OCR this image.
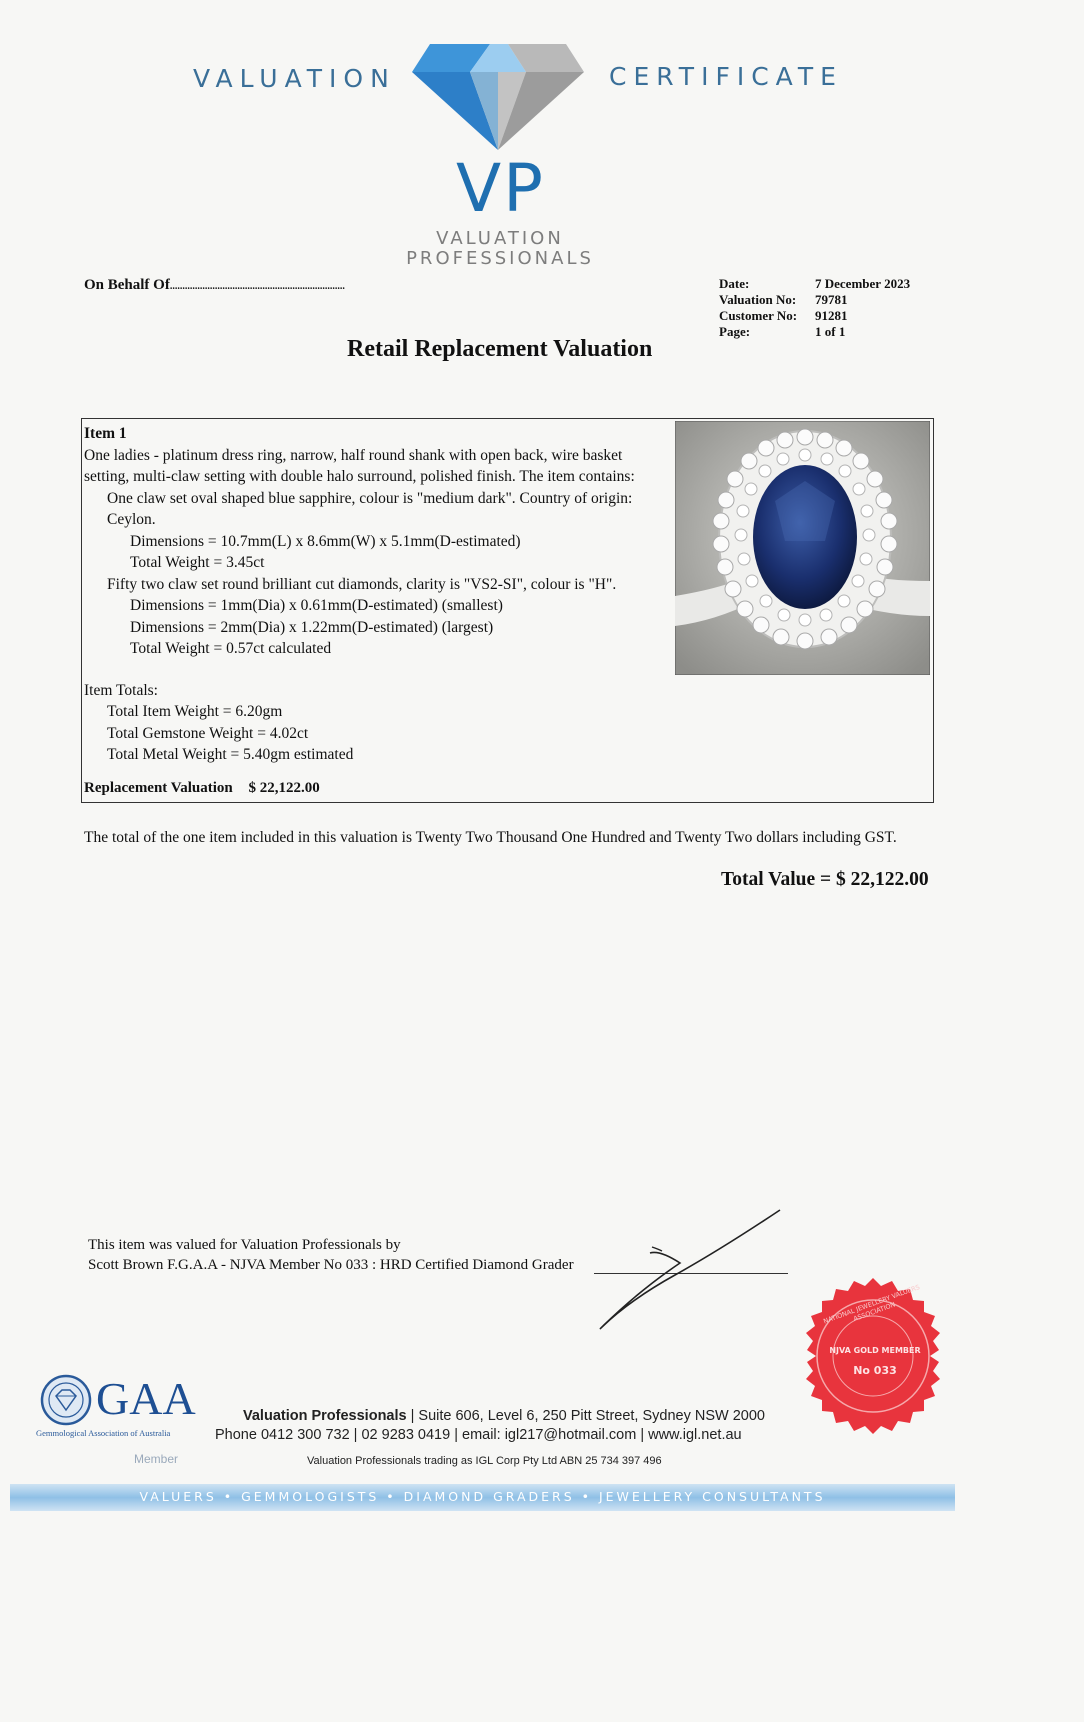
VALUATION	CERTIFICATE
VP
VALUATION
PROFESSIONALS
On Behalf Of......................................................................	Date:	7 December 2023
Valuation No:	79781
Customer No:	91281
Page:	1 of 1
Retail Replacement Valuation
Item 1
One ladies - platinum dress ring, narrow, half round shank with open back, wire basket
setting, multi-claw setting with double halo surround, polished finish. The item contains:
One claw set oval shaped blue sapphire, colour is "medium dark". Country of origin:
Ceylon.
Dimensions = 10.7mm(L) x 8.6mm(W) x 5.1mm(D-estimated)
Total Weight = 3.45ct
Fifty two claw set round brilliant cut diamonds, clarity is "VS2-SI", colour is "H".
Dimensions = 1mm(Dia) x 0.61mm(D-estimated) (smallest)
Dimensions = 2mm(Dia) x 1.22mm(D-estimated) (largest)
Total Weight = 0.57ct calculated
Item Totals:
Total Item Weight = 6.20gm
Total Gemstone Weight = 4.02ct
Total Metal Weight = 5.40gm estimated
Replacement Valuation $ 22,122.00
The total of the one item included in this valuation is Twenty Two Thousand One Hundred and Twenty Two dollars including GST.
Total Value = $ 22,122.00
This item was valued for Valuation Professionals by
Scott Brown F.G.A.A - NJVA Member No 033 : HRD Certified Diamond Grader
NATIONAL JEWELLERY VALUERS ASSOCIATION
NJVA GOLD MEMBER
No 033
GAA
Gemmological Association of Australia
Member
Valuation Professionals | Suite 606, Level 6, 250 Pitt Street, Sydney NSW 2000
Phone 0412 300 732 | 02 9283 0419 | email: igl217@hotmail.com | www.igl.net.au
Valuation Professionals trading as IGL Corp Pty Ltd ABN 25 734 397 496
VALUERS • GEMMOLOGISTS • DIAMOND GRADERS • JEWELLERY CONSULTANTS
